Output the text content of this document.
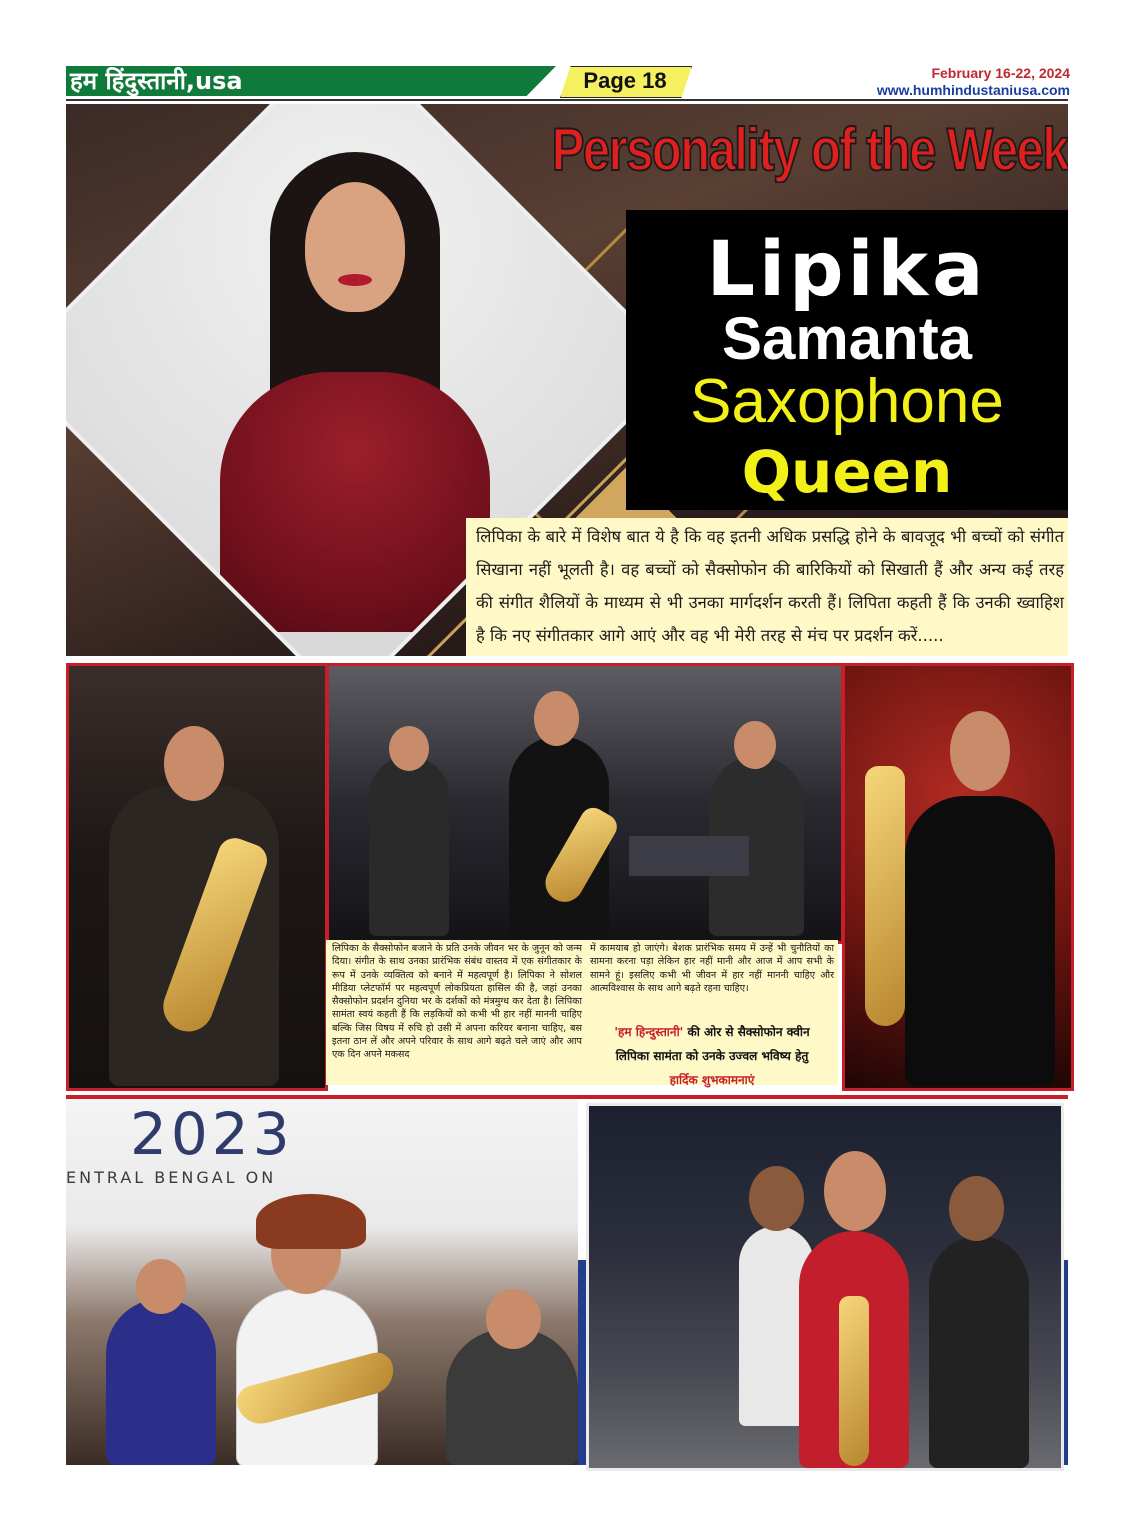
हम हिंदुस्तानी,usa	Page 18	February 16-22, 2024
www.humhindustaniusa.com
Personality of the Week
Lipika
Samanta
Saxophone
Queen
लिपिका के बारे में विशेष बात ये है कि वह इतनी अधिक प्रसद्धि होने के बावजूद भी बच्चों को संगीत सिखाना नहीं भूलती है। वह बच्चों को सैक्सोफोन की बारिकियों को सिखाती हैं और अन्य कई तरह की संगीत शैलियों के माध्यम से भी उनका मार्गदर्शन करती हैं। लिपिता कहती हैं कि उनकी ख्वाहिश है कि नए संगीतकार आगे आएं और वह भी मेरी तरह से मंच पर प्रदर्शन करें.....
लिपिका के सैक्सोफोन बजाने के प्रति उनके जीवन भर के जुनून को जन्म दिया। संगीत के साथ उनका प्रारंभिक संबंध वास्तव में एक संगीतकार के रूप में उनके व्यक्तित्व को बनाने में महत्वपूर्ण है। लिपिका ने सोशल मीडिया प्लेटफॉर्म पर महत्वपूर्ण लोकप्रियता हासिल की है, जहां उनका सैक्सोफोन प्रदर्शन दुनिया भर के दर्शकों को मंत्रमुग्ध कर देता है। लिपिका सामंता स्वयं कहती हैं कि लड़कियों को कभी भी हार नहीं माननी चाहिए बल्कि जिस विषय में रुचि हो उसी में अपना करियर बनाना चाहिए, बस इतना ठान लें और अपने परिवार के साथ आगे बढ़ते चले जाएं और आप एक दिन अपने मकसद
में कामयाब हो जाएंगे। बेशक प्रारंभिक समय में उन्हें भी चुनौतियों का सामना करना पड़ा लेकिन हार नहीं मानी और आज में आप सभी के सामने हूं। इसलिए कभी भी जीवन में हार नहीं माननी चाहिए और आत्मविश्वास के साथ आगे बढ़ते रहना चाहिए।
'हम हिन्दुस्तानी' की ओर से सैक्सोफोन क्वीन
लिपिका सामंता को उनके उज्वल भविष्य हेतु
हार्दिक शुभकामनाएं
2023
ENTRAL BENGAL ON
